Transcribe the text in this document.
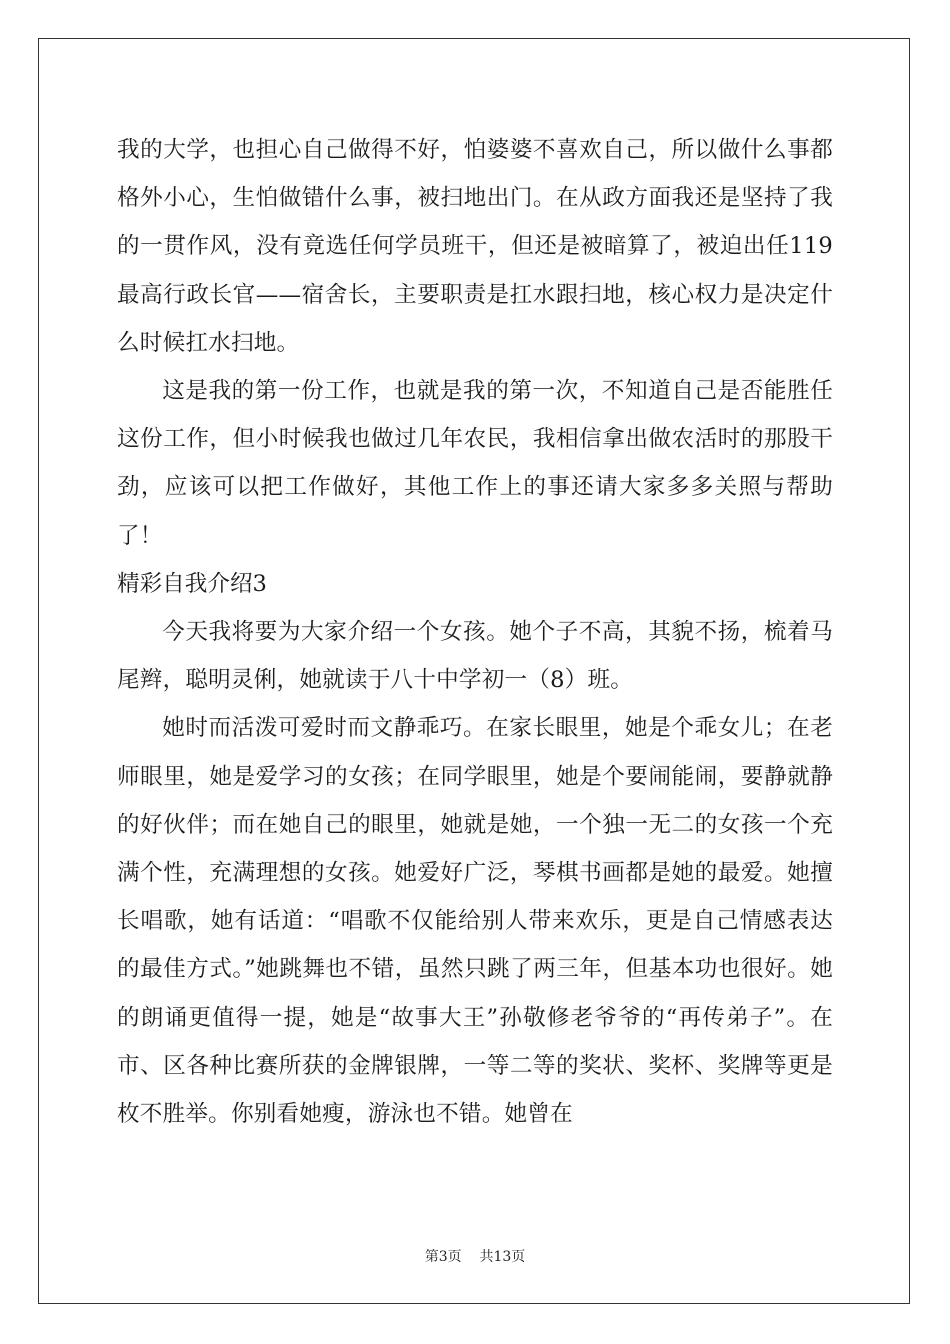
我的大学，也担心自己做得不好，怕婆婆不喜欢自己，所以做什么事都格外小心，生怕做错什么事，被扫地出门。在从政方面我还是坚持了我的一贯作风，没有竟选任何学员班干，但还是被暗算了，被迫出任119最高行政长官——宿舍长，主要职责是扛水跟扫地，核心权力是决定什么时候扛水扫地。

这是我的第一份工作，也就是我的第一次，不知道自己是否能胜任这份工作，但小时候我也做过几年农民，我相信拿出做农活时的那股干劲，应该可以把工作做好，其他工作上的事还请大家多多关照与帮助了！

精彩自我介绍3

今天我将要为大家介绍一个女孩。她个子不高，其貌不扬，梳着马尾辫，聪明灵俐，她就读于八十中学初一（8）班。

她时而活泼可爱时而文静乖巧。在家长眼里，她是个乖女儿；在老师眼里，她是爱学习的女孩；在同学眼里，她是个要闹能闹，要静就静的好伙伴；而在她自己的眼里，她就是她，一个独一无二的女孩一个充满个性，充满理想的女孩。她爱好广泛，琴棋书画都是她的最爱。她擅长唱歌，她有话道：“唱歌不仅能给别人带来欢乐，更是自己情感表达的最佳方式。”她跳舞也不错，虽然只跳了两三年，但基本功也很好。她的朗诵更值得一提，她是“故事大王”孙敬修老爷爷的“再传弟子”。在市、区各种比赛所获的金牌银牌，一等二等的奖状、奖杯、奖牌等更是枚不胜举。你别看她瘦，游泳也不错。她曾在

第3页    共13页
